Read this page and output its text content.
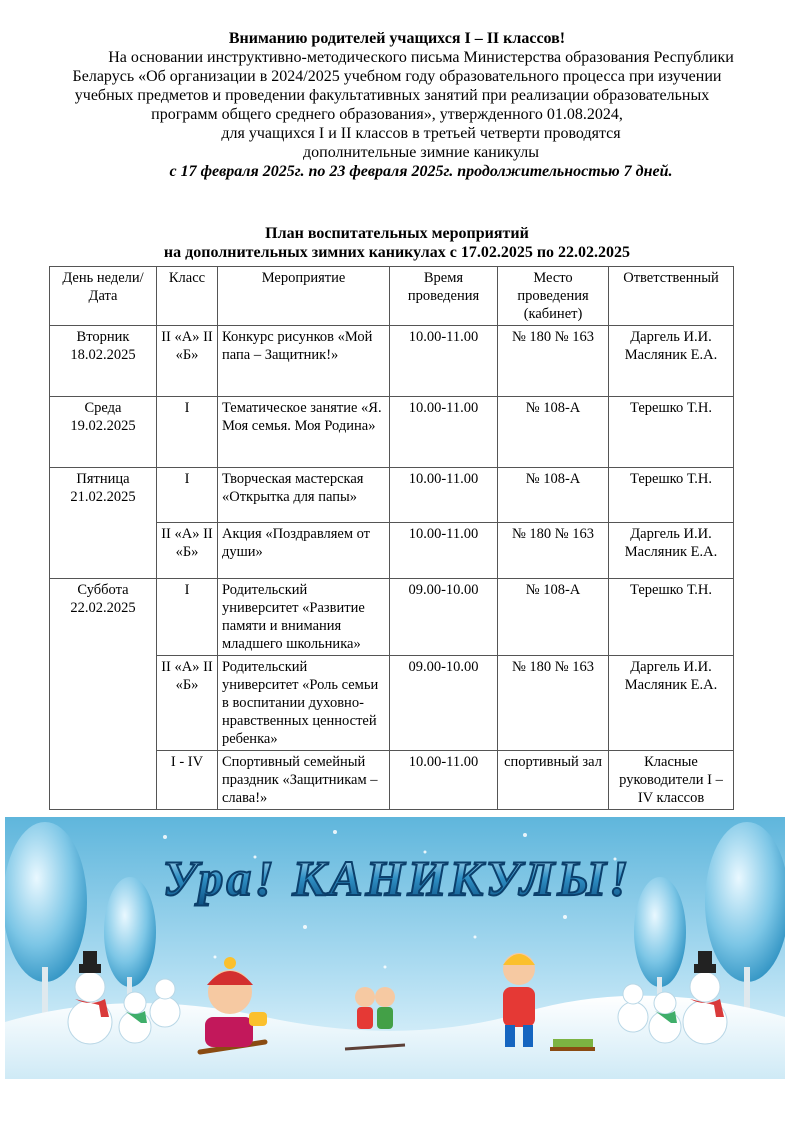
Вниманию родителей учащихся I – II классов!
На основании инструктивно-методического письма Министерства образования Республики
Беларусь «Об организации в 2024/2025 учебном году образовательного процесса при изучении
учебных предметов и проведении факультативных занятий при реализации образовательных
программ общего среднего образования», утвержденного 01.08.2024,
для учащихся I и II классов в третьей четверти проводятся
дополнительные зимние каникулы
с 17 февраля 2025г. по 23 февраля 2025г. продолжительностью 7 дней.
План воспитательных мероприятий
на дополнительных зимних каникулах с 17.02.2025 по 22.02.2025
День недели/ Дата	Класс	Мероприятие	Время проведения	Место проведения (кабинет)	Ответственный
Вторник 18.02.2025	II «А» II «Б»	Конкурс рисунков «Мой папа – Защитник!»	10.00-11.00	№ 180 № 163	Даргель И.И. Масляник Е.А.
Среда 19.02.2025	I	Тематическое занятие «Я. Моя семья. Моя Родина»	10.00-11.00	№ 108-А	Терешко Т.Н.
Пятница 21.02.2025	I	Творческая мастерская «Открытка для папы»	10.00-11.00	№ 108-А	Терешко Т.Н.
	II «А» II «Б»	Акция «Поздравляем от души»	10.00-11.00	№ 180 № 163	Даргель И.И. Масляник Е.А.
Суббота 22.02.2025	I	Родительский университет «Развитие памяти и внимания младшего школьника»	09.00-10.00	№ 108-А	Терешко Т.Н.
	II «А» II «Б»	Родительский университет «Роль семьи в воспитании духовно-нравственных ценностей ребенка»	09.00-10.00	№ 180 № 163	Даргель И.И. Масляник Е.А.
	I - IV	Спортивный семейный праздник «Защитникам – слава!»	10.00-11.00	спортивный зал	Класные руководители I – IV классов
Ура! КАНИКУЛЫ!
